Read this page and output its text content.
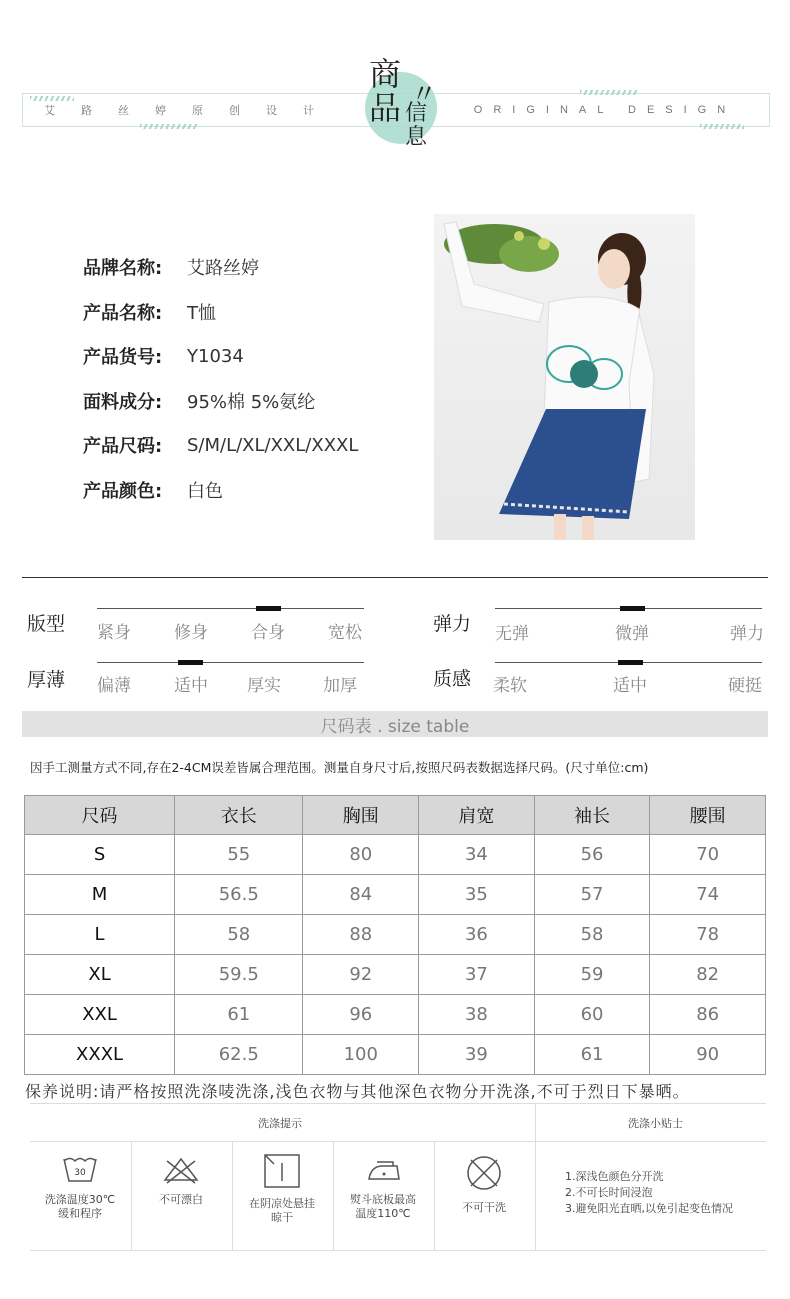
艾路丝婷原创设计	ORIGINAL DESIGN
商
品 〃
信
息
品牌名称:	艾路丝婷
产品名称:	T恤
产品货号:	Y1034
面料成分:	95%棉 5%氨纶
产品尺码:	S/M/L/XL/XXL/XXXL
产品颜色:	白色
版型 紧身	修身	合身	宽松	弹力 无弹	微弹	弹力
厚薄 偏薄	适中 厚实 加厚	质感 柔软	适中	硬挺
尺码表 . size table
因手工测量方式不同,存在2-4CM误差皆属合理范围。测量自身尺寸后,按照尺码表数据选择尺码。(尺寸单位:cm)
尺码	衣长	胸围	肩宽	袖长	腰围
S	55	80	34	56	70
M	56.5	84	35	57	74
L	58	88	36	58	78
XL	59.5	92	37	59	82
XXL	61	96	38	60	86
XXXL	62.5	100	39	61	90
保养说明:请严格按照洗涤唛洗涤,浅色衣物与其他深色衣物分开洗涤,不可于烈日下暴晒。
洗涤提示	洗涤小贴士
30
洗涤温度30℃
缓和程序
不可漂白	在阴凉处悬挂
晾干
熨斗底板最高
温度110℃	不可干洗
1.深浅色颜色分开洗
2.不可长时间浸泡
3.避免阳光直晒,以免引起变色情况
